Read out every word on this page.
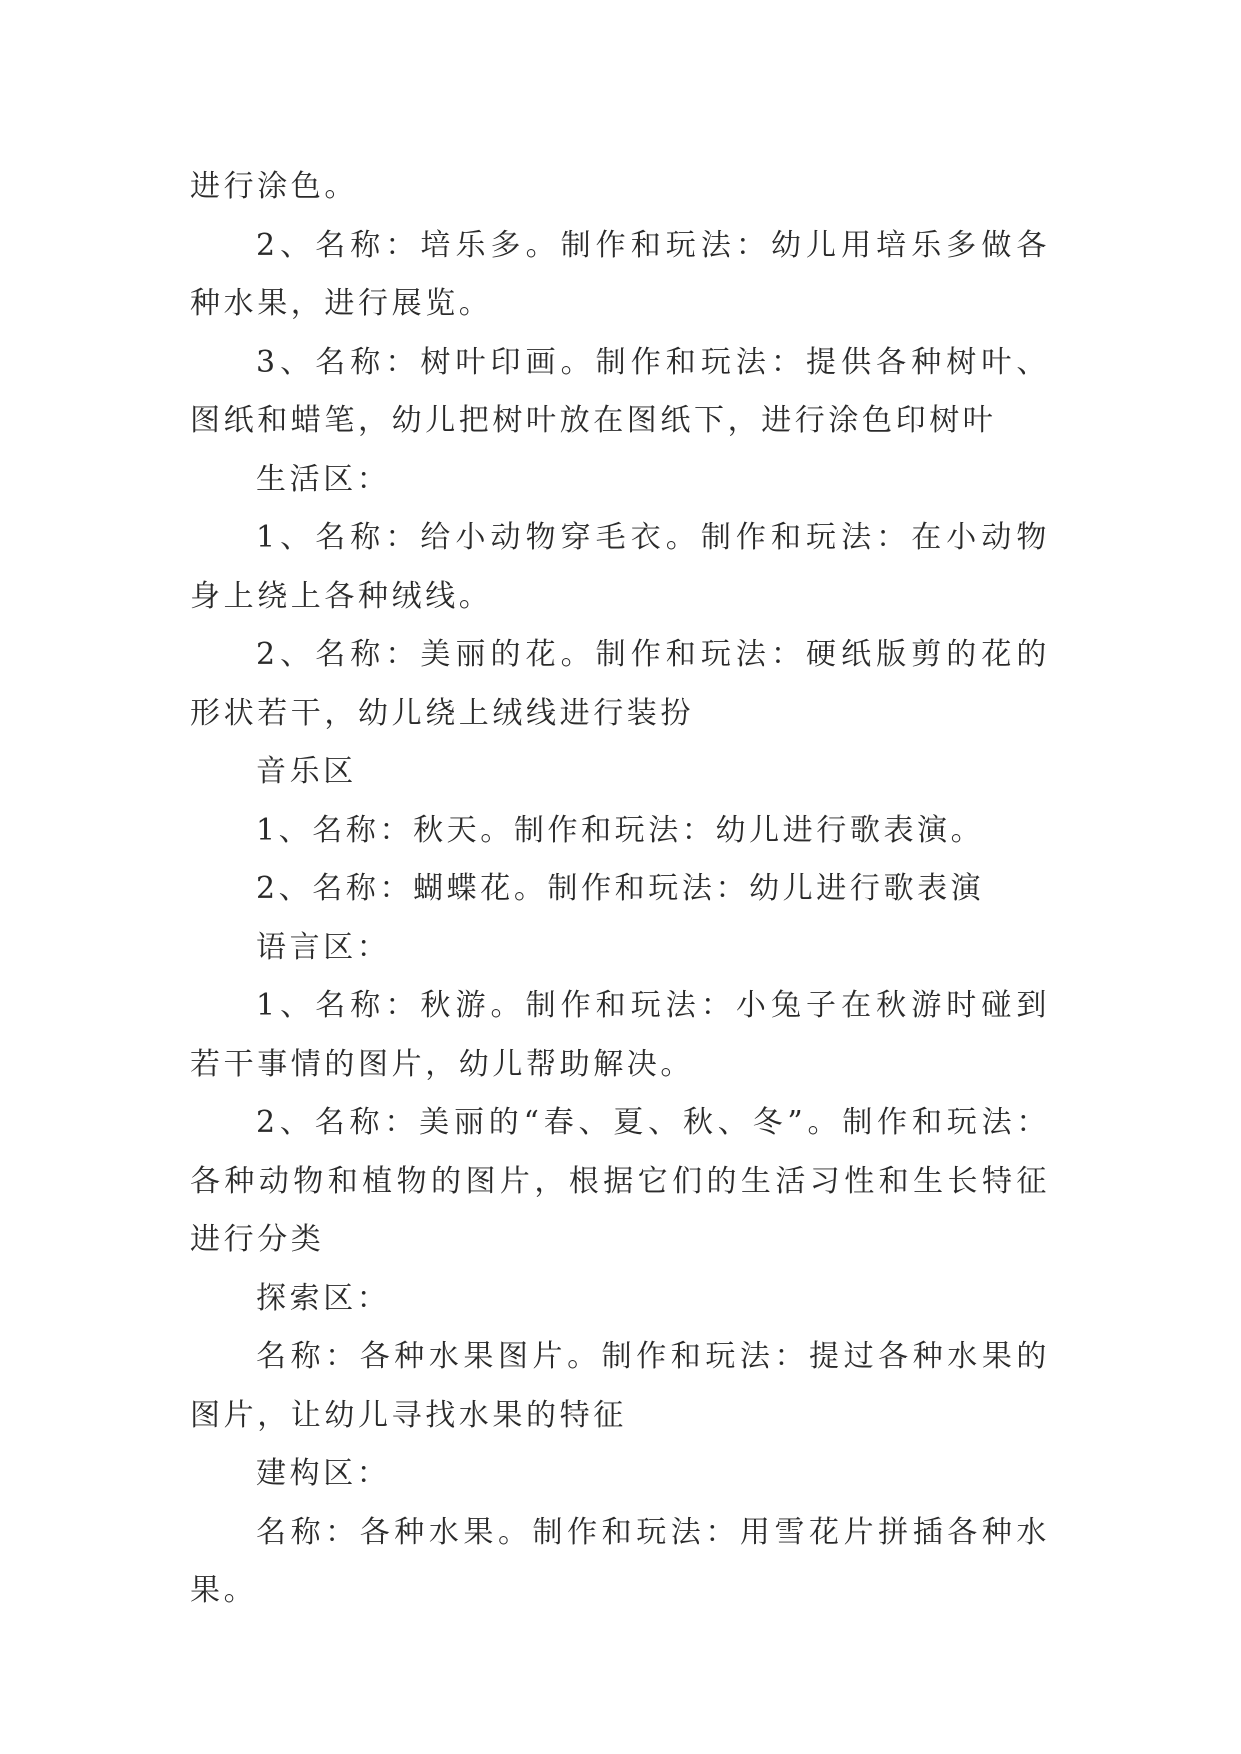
进行涂色。

2、名称：培乐多。制作和玩法：幼儿用培乐多做各种水果，进行展览。

3、名称：树叶印画。制作和玩法：提供各种树叶、图纸和蜡笔，幼儿把树叶放在图纸下，进行涂色印树叶

生活区：

1、名称：给小动物穿毛衣。制作和玩法：在小动物身上绕上各种绒线。

2、名称：美丽的花。制作和玩法：硬纸版剪的花的形状若干，幼儿绕上绒线进行装扮

音乐区

1、名称：秋天。制作和玩法：幼儿进行歌表演。

2、名称：蝴蝶花。制作和玩法：幼儿进行歌表演

语言区：

1、名称：秋游。制作和玩法：小兔子在秋游时碰到若干事情的图片，幼儿帮助解决。

2、名称：美丽的“春、夏、秋、冬”。制作和玩法：各种动物和植物的图片，根据它们的生活习性和生长特征进行分类

探索区：

名称：各种水果图片。制作和玩法：提过各种水果的图片，让幼儿寻找水果的特征

建构区：

名称：各种水果。制作和玩法：用雪花片拼插各种水果。
